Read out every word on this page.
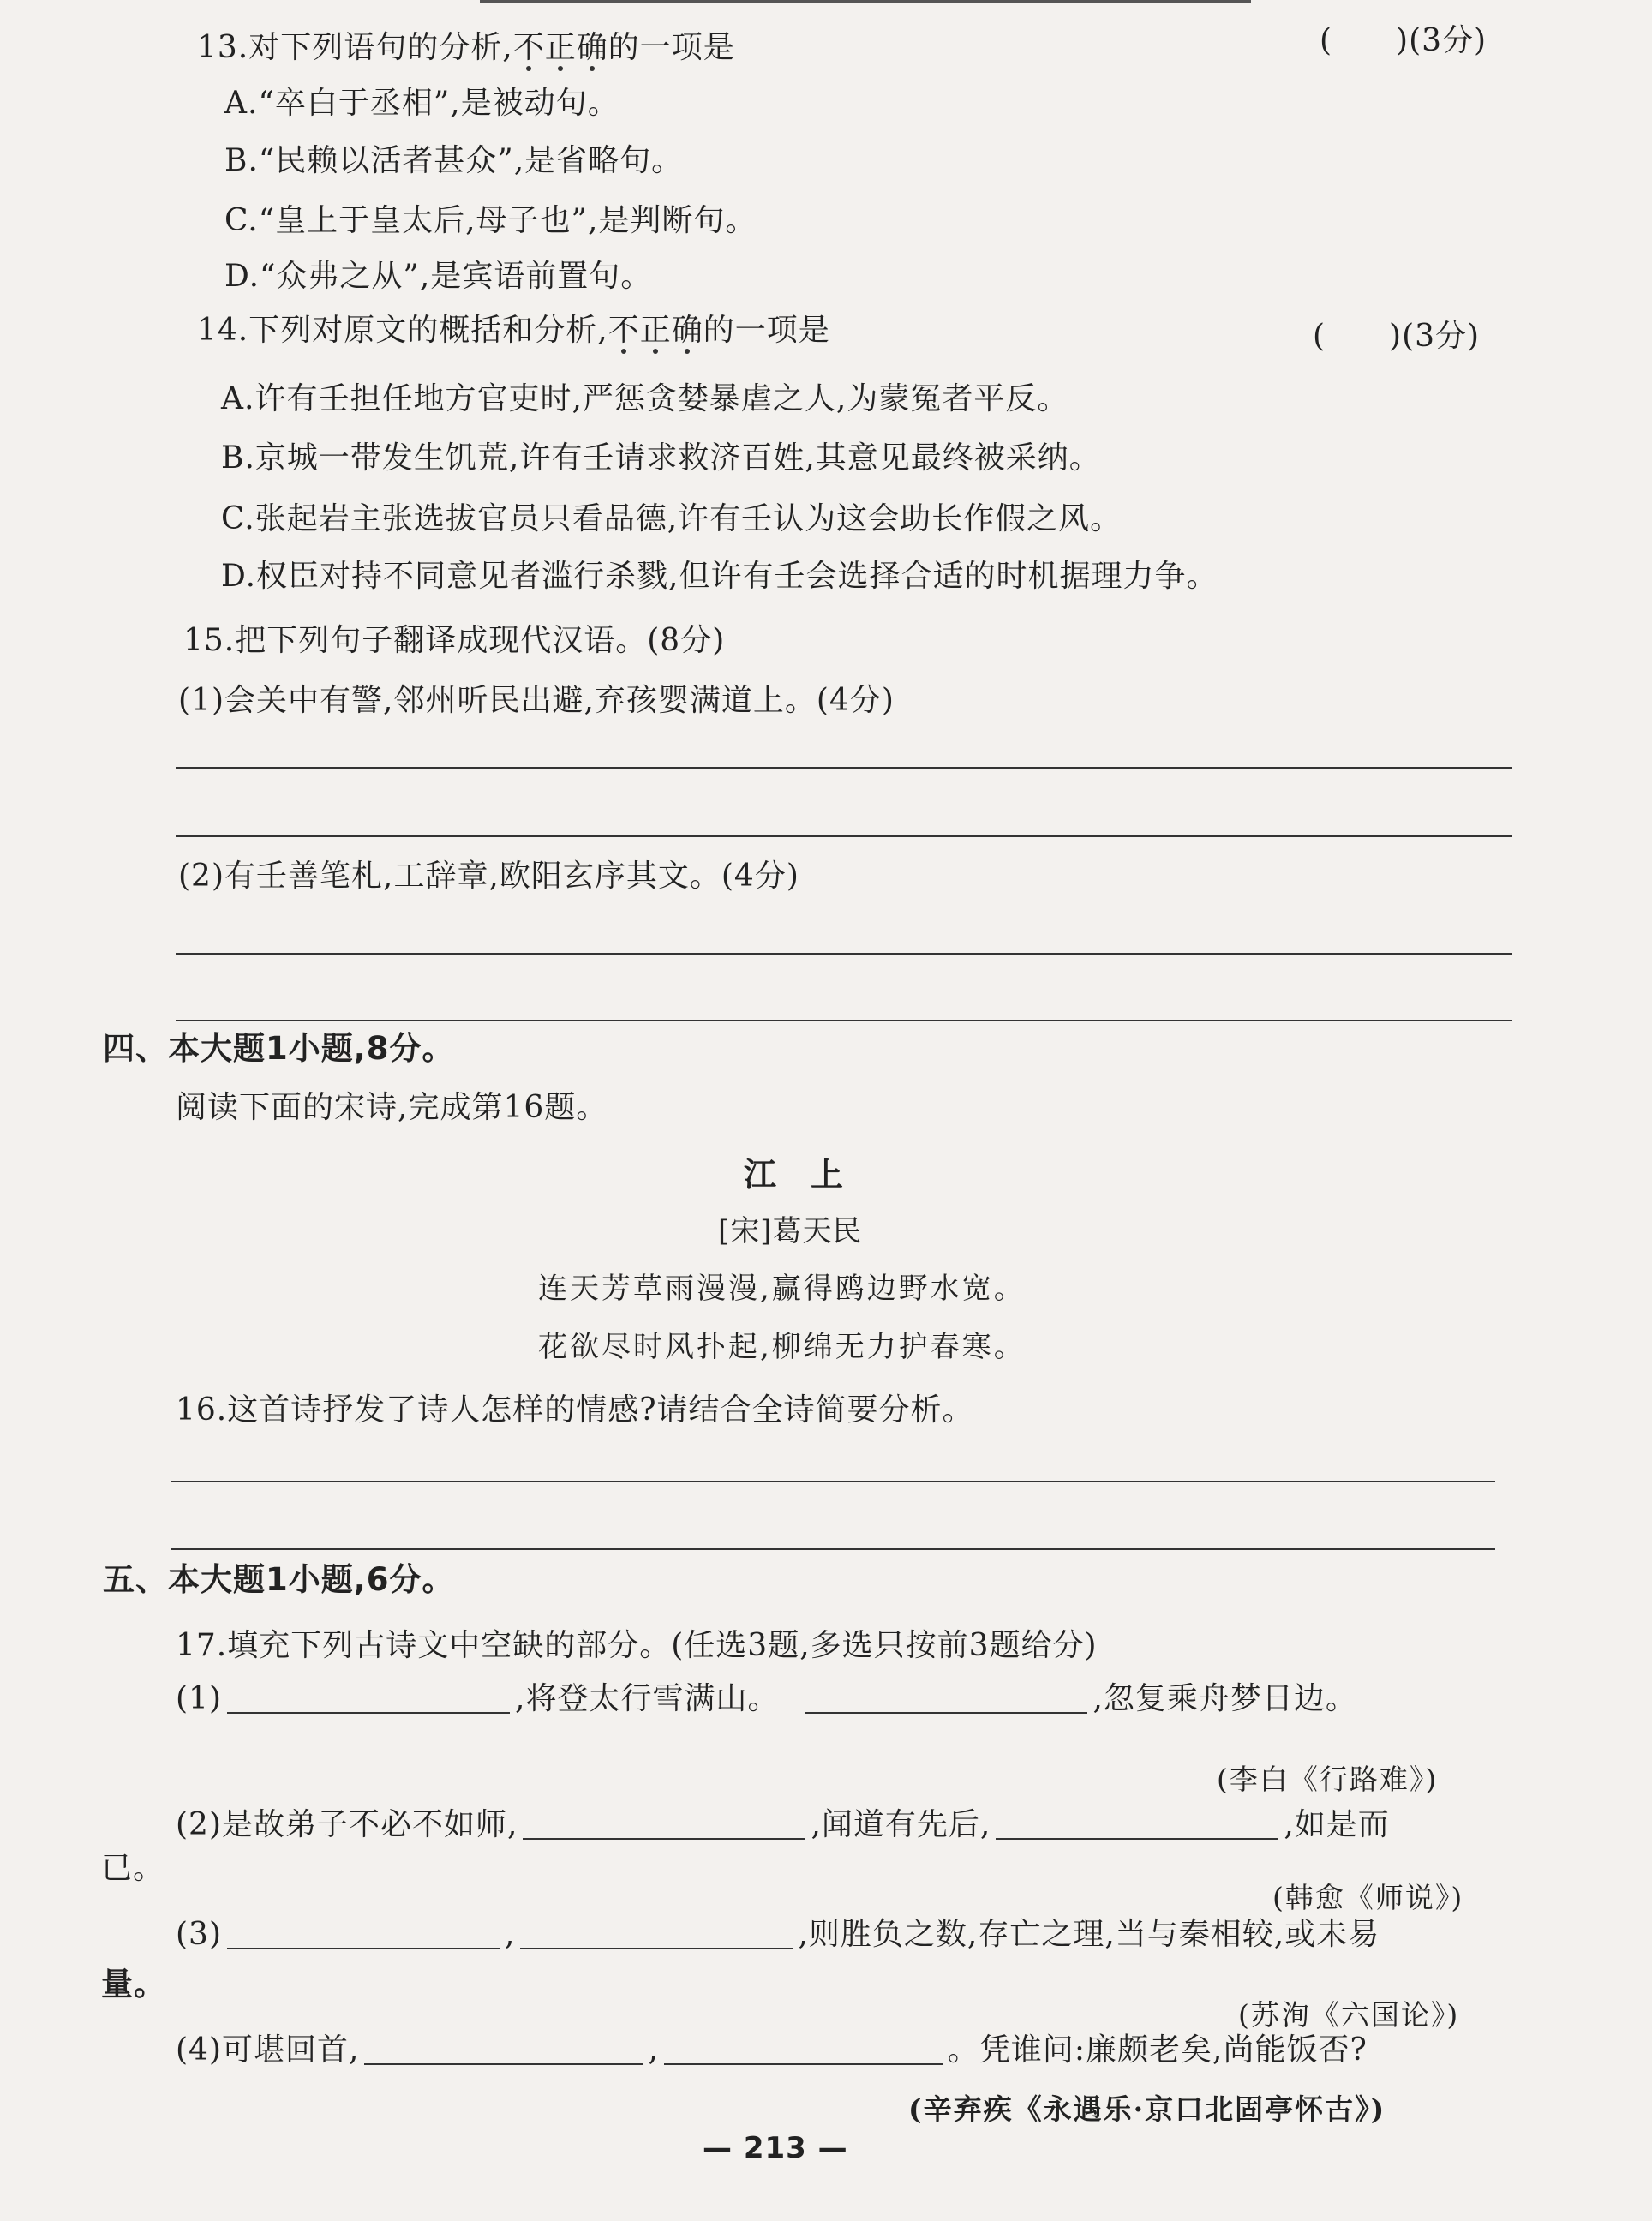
13.对下列语句的分析,不正确的一项是	(　　)(3分)
A.“卒白于丞相”,是被动句。
B.“民赖以活者甚众”,是省略句。
C.“皇上于皇太后,母子也”,是判断句。
D.“众弗之从”,是宾语前置句。
14.下列对原文的概括和分析,不正确的一项是	(　　)(3分)
A.许有壬担任地方官吏时,严惩贪婪暴虐之人,为蒙冤者平反。
B.京城一带发生饥荒,许有壬请求救济百姓,其意见最终被采纳。
C.张起岩主张选拔官员只看品德,许有壬认为这会助长作假之风。
D.权臣对持不同意见者滥行杀戮,但许有壬会选择合适的时机据理力争。
15.把下列句子翻译成现代汉语。(8分)
(1)会关中有警,邻州听民出避,弃孩婴满道上。(4分)
(2)有壬善笔札,工辞章,欧阳玄序其文。(4分)
四、本大题1小题,8分。
阅读下面的宋诗,完成第16题。
江　上
[宋]葛天民
连天芳草雨漫漫,赢得鸥边野水宽。
花欲尽时风扑起,柳绵无力护春寒。
16.这首诗抒发了诗人怎样的情感?请结合全诗简要分析。
五、本大题1小题,6分。
17.填充下列古诗文中空缺的部分。(任选3题,多选只按前3题给分)
(1)	,将登太行雪满山。	,忽复乘舟梦日边。
(李白《行路难》)
(2)是故弟子不必不如师,	,闻道有先后,	,如是而
已。
(韩愈《师说》)
(3)	,	,则胜负之数,存亡之理,当与秦相较,或未易
量。
(苏洵《六国论》)
(4)可堪回首,	,	。凭谁问:廉颇老矣,尚能饭否?
(辛弃疾《永遇乐·京口北固亭怀古》)
— 213 —
